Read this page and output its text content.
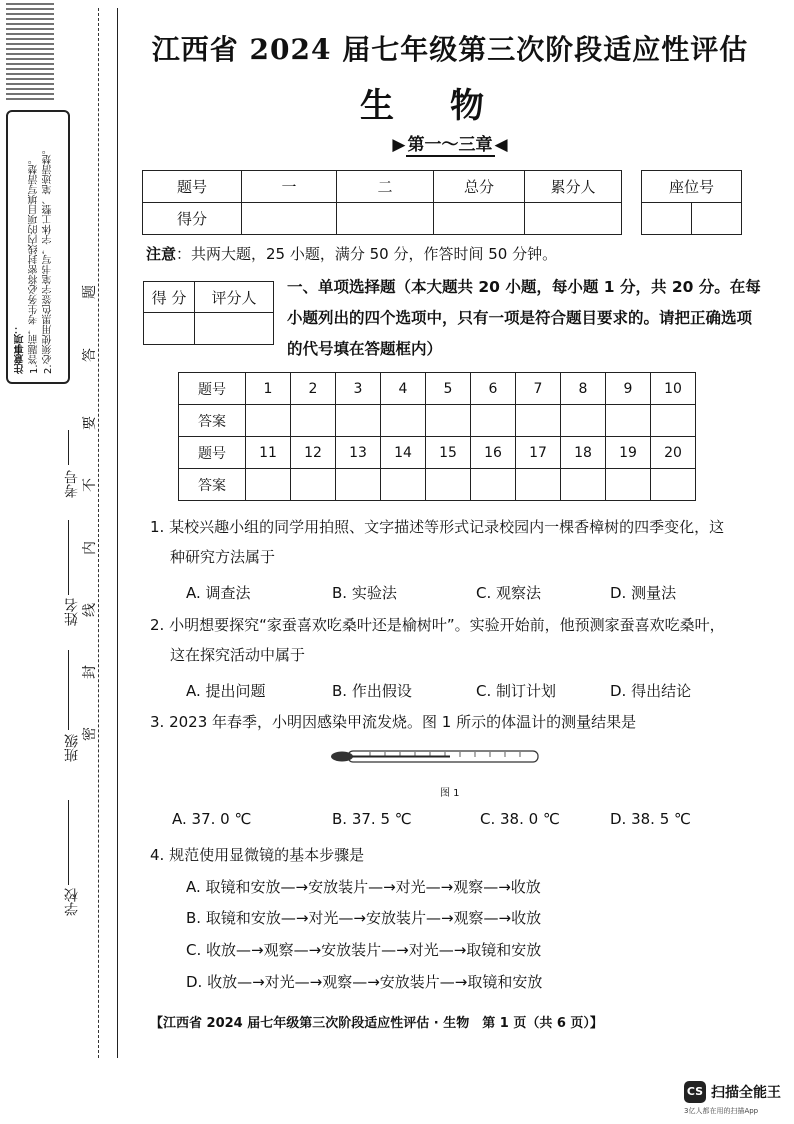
注意事项： 1.答题前，考生务必将密封线内的项目填写清楚。 2.必须使用黑色签字笔书写，字体工整、笔迹清楚。
考号
姓名
班级
学校
题
答
要
不
内
线
封
密
江西省 2024 届七年级第三次阶段适应性评估
生物
▶ 第一～三章 ◀
题号	一	二	总分	累分人
得分				
座位号

注意：共两大题，25 小题，满分 50 分，作答时间 50 分钟。
得 分	评分人

一、单项选择题（本大题共 20 小题，每小题 1 分，共 20 分。在每小题列出的四个选项中，只有一项是符合题目要求的。请把正确选项的代号填在答题框内）
题号	1	2	3	4	5	6	7	8	9	10
答案										
题号	11	12	13	14	15	16	17	18	19	20
答案										
1. 某校兴趣小组的同学用拍照、文字描述等形式记录校园内一棵香樟树的四季变化，这
种研究方法属于
A. 调查法	B. 实验法	C. 观察法	D. 测量法
2. 小明想要探究“家蚕喜欢吃桑叶还是榆树叶”。实验开始前，他预测家蚕喜欢吃桑叶，
这在探究活动中属于
A. 提出问题	B. 作出假设	C. 制订计划	D. 得出结论
3. 2023 年春季，小明因感染甲流发烧。图 1 所示的体温计的测量结果是
图 1
A. 37. 0 ℃	B. 37. 5 ℃	C. 38. 0 ℃	D. 38. 5 ℃
4. 规范使用显微镜的基本步骤是
A. 取镜和安放—→安放装片—→对光—→观察—→收放
B. 取镜和安放—→对光—→安放装片—→观察—→收放
C. 收放—→观察—→安放装片—→对光—→取镜和安放
D. 收放—→对光—→观察—→安放装片—→取镜和安放
【江西省 2024 届七年级第三次阶段适应性评估 · 生物　第 1 页（共 6 页）】
CS 扫描全能王
3亿人都在用的扫描App
